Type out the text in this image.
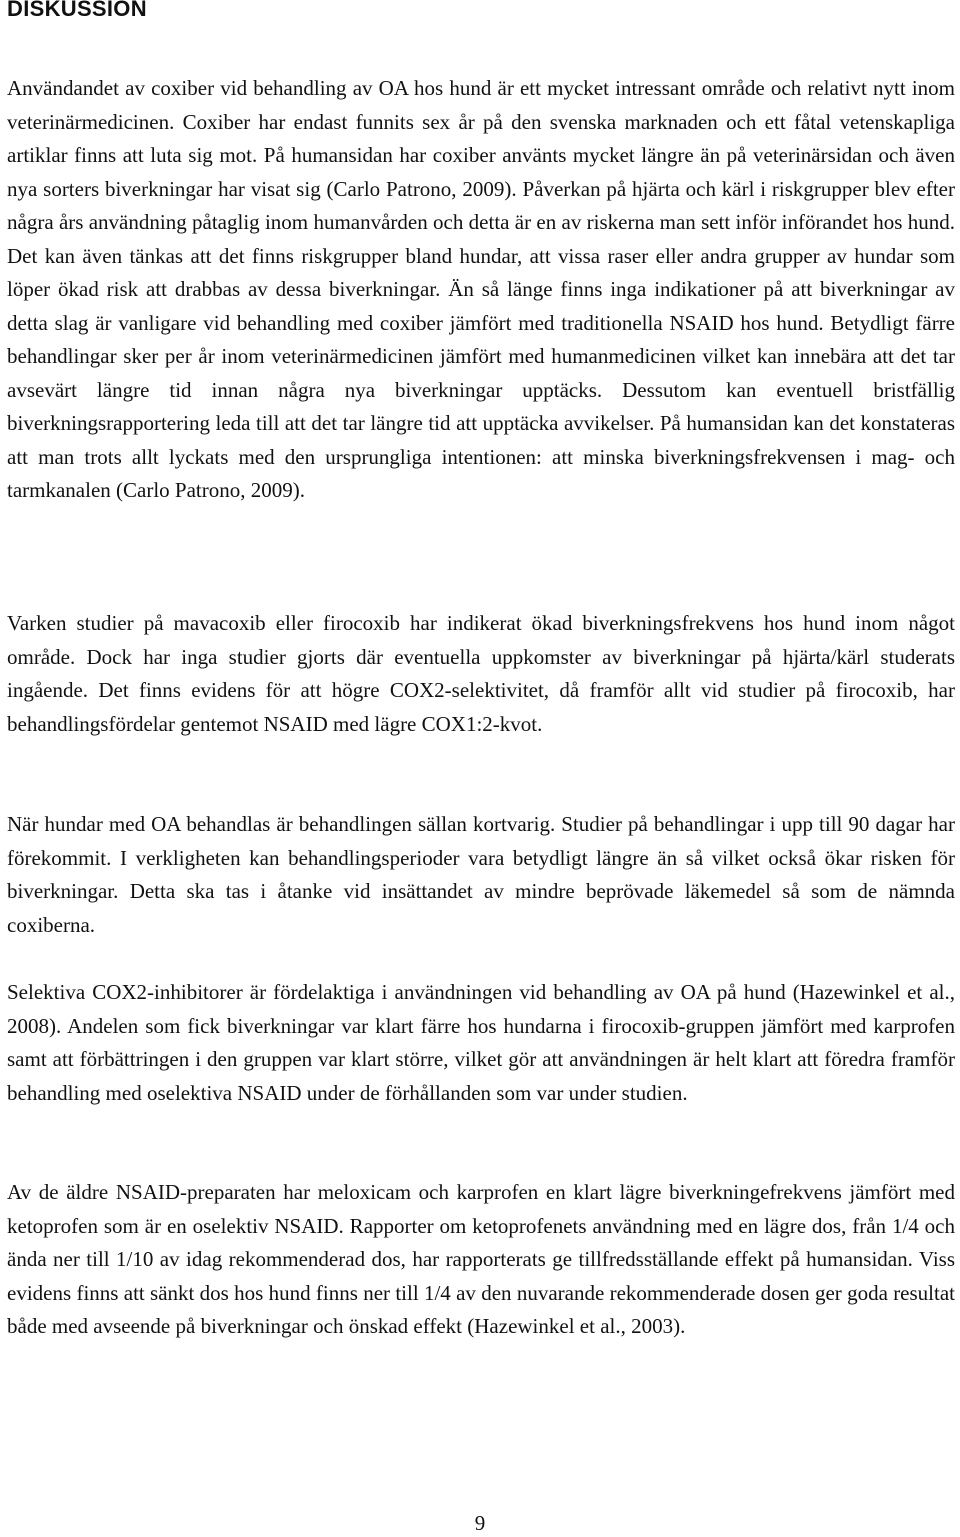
DISKUSSION

Användandet av coxiber vid behandling av OA hos hund är ett mycket intressant område och relativt nytt inom veterinärmedicinen. Coxiber har endast funnits sex år på den svenska marknaden och ett fåtal vetenskapliga artiklar finns att luta sig mot. På humansidan har coxiber använts mycket längre än på veterinärsidan och även nya sorters biverkningar har visat sig (Carlo Patrono, 2009). Påverkan på hjärta och kärl i riskgrupper blev efter några års användning påtaglig inom humanvården och detta är en av riskerna man sett inför införandet hos hund. Det kan även tänkas att det finns riskgrupper bland hundar, att vissa raser eller andra grupper av hundar som löper ökad risk att drabbas av dessa biverkningar. Än så länge finns inga indikationer på att biverkningar av detta slag är vanligare vid behandling med coxiber jämfört med traditionella NSAID hos hund. Betydligt färre behandlingar sker per år inom veterinärmedicinen jämfört med humanmedicinen vilket kan innebära att det tar avsevärt längre tid innan några nya biverkningar upptäcks. Dessutom kan eventuell bristfällig biverkningsrapportering leda till att det tar längre tid att upptäcka avvikelser. På humansidan kan det konstateras att man trots allt lyckats med den ursprungliga intentionen: att minska biverkningsfrekvensen i mag- och tarmkanalen (Carlo Patrono, 2009).

Varken studier på mavacoxib eller firocoxib har indikerat ökad biverkningsfrekvens hos hund inom något område. Dock har inga studier gjorts där eventuella uppkomster av biverkningar på hjärta/kärl studerats ingående. Det finns evidens för att högre COX2-selektivitet, då framför allt vid studier på firocoxib, har behandlingsfördelar gentemot NSAID med lägre COX1:2-kvot.

När hundar med OA behandlas är behandlingen sällan kortvarig. Studier på behandlingar i upp till 90 dagar har förekommit. I verkligheten kan behandlingsperioder vara betydligt längre än så vilket också ökar risken för biverkningar. Detta ska tas i åtanke vid insättandet av mindre beprövade läkemedel så som de nämnda coxiberna.

Selektiva COX2-inhibitorer är fördelaktiga i användningen vid behandling av OA på hund (Hazewinkel et al., 2008). Andelen som fick biverkningar var klart färre hos hundarna i firocoxib-gruppen jämfört med karprofen samt att förbättringen i den gruppen var klart större, vilket gör att användningen är helt klart att föredra framför behandling med oselektiva NSAID under de förhållanden som var under studien.

Av de äldre NSAID-preparaten har meloxicam och karprofen en klart lägre biverkningefrekvens jämfört med ketoprofen som är en oselektiv NSAID. Rapporter om ketoprofenets användning med en lägre dos, från 1/4 och ända ner till 1/10 av idag rekommenderad dos, har rapporterats ge tillfredsställande effekt på humansidan. Viss evidens finns att sänkt dos hos hund finns ner till 1/4 av den nuvarande rekommenderade dosen ger goda resultat både med avseende på biverkningar och önskad effekt (Hazewinkel et al., 2003).

9
